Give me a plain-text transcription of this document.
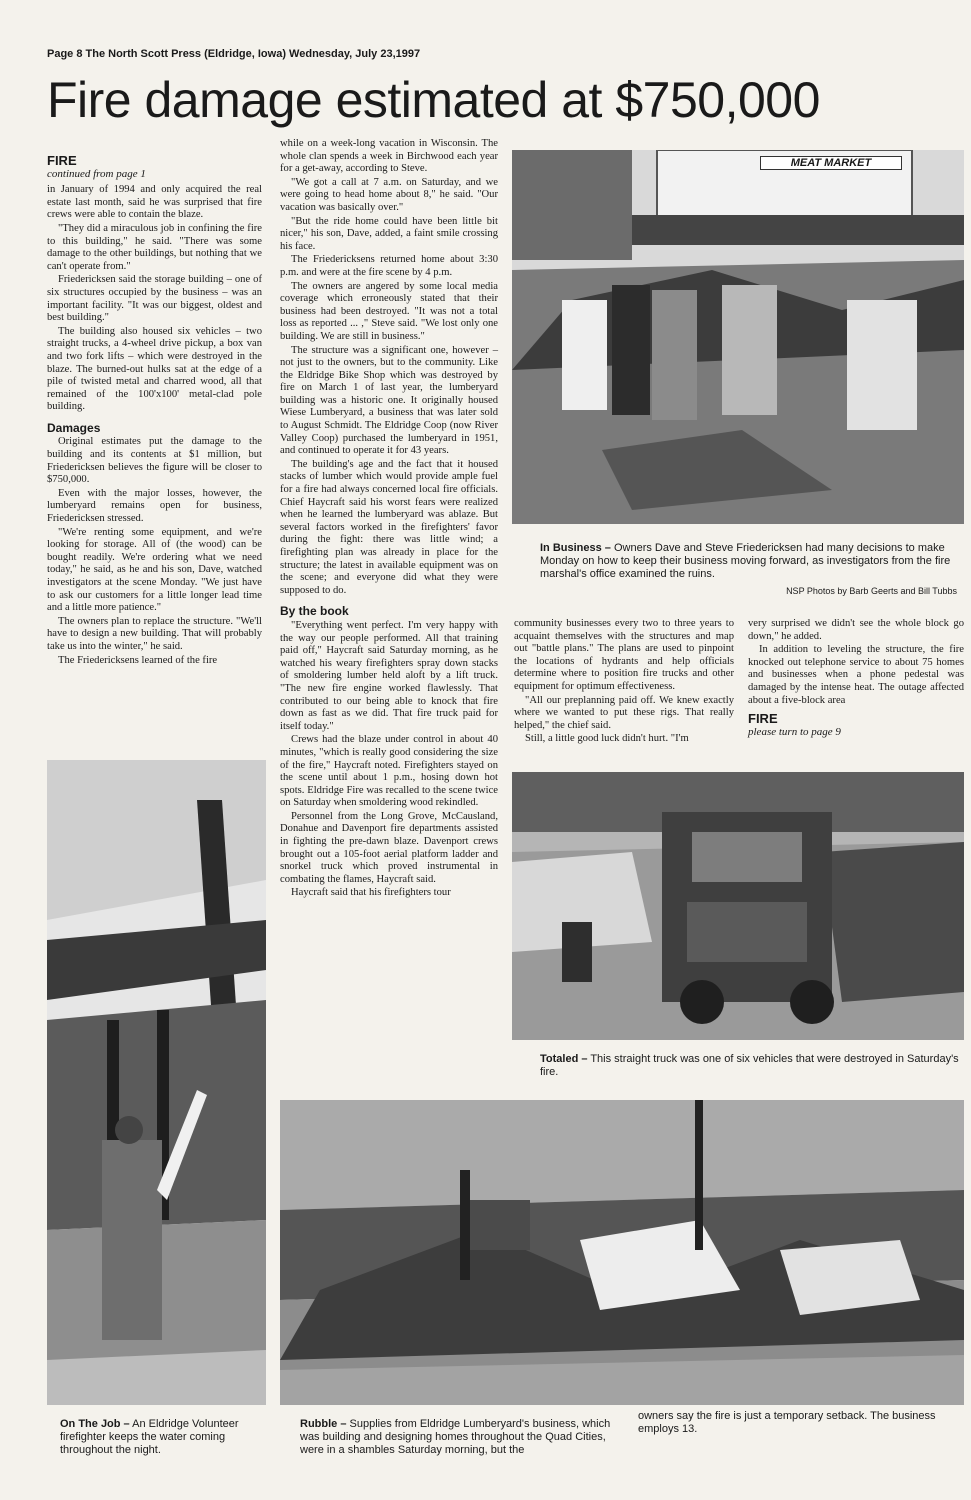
Page 8 The North Scott Press (Eldridge, Iowa) Wednesday, July 23,1997
Fire damage estimated at $750,000
FIRE
continued from page 1

in January of 1994 and only acquired the real estate last month, said he was surprised that fire crews were able to contain the blaze.

"They did a miraculous job in confining the fire to this building," he said. "There was some damage to the other buildings, but nothing that we can't operate from."

Friedericksen said the storage building – one of six structures occupied by the business – was an important facility. "It was our biggest, oldest and best building."

The building also housed six vehicles – two straight trucks, a 4-wheel drive pickup, a box van and two fork lifts – which were destroyed in the blaze. The burned-out hulks sat at the edge of a pile of twisted metal and charred wood, all that remained of the 100'x100' metal-clad pole building.

Damages

Original estimates put the damage to the building and its contents at $1 million, but Friedericksen believes the figure will be closer to $750,000.

Even with the major losses, however, the lumberyard remains open for business, Friedericksen stressed.

"We're renting some equipment, and we're looking for storage. All of (the wood) can be bought readily. We're ordering what we need today," he said, as he and his son, Dave, watched investigators at the scene Monday. "We just have to ask our customers for a little longer lead time and a little more patience."

The owners plan to replace the structure. "We'll have to design a new building. That will probably take us into the winter," he said.

The Friedericksens learned of the fire

while on a week-long vacation in Wisconsin. The whole clan spends a week in Birchwood each year for a get-away, according to Steve.

"We got a call at 7 a.m. on Saturday, and we were going to head home about 8," he said. "Our vacation was basically over."

"But the ride home could have been little bit nicer," his son, Dave, added, a faint smile crossing his face.

The Friedericksens returned home about 3:30 p.m. and were at the fire scene by 4 p.m.

The owners are angered by some local media coverage which erroneously stated that their business had been destroyed. "It was not a total loss as reported ... ," Steve said. "We lost only one building. We are still in business."

The structure was a significant one, however – not just to the owners, but to the community. Like the Eldridge Bike Shop which was destroyed by fire on March 1 of last year, the lumberyard building was a historic one. It originally housed Wiese Lumberyard, a business that was later sold to August Schmidt. The Eldridge Coop (now River Valley Coop) purchased the lumberyard in 1951, and continued to operate it for 43 years.

The building's age and the fact that it housed stacks of lumber which would provide ample fuel for a fire had always concerned local fire officials. Chief Haycraft said his worst fears were realized when he learned the lumberyard was ablaze. But several factors worked in the firefighters' favor during the fight: there was little wind; a firefighting plan was already in place for the structure; the latest in available equipment was on the scene; and everyone did what they were supposed to do.

By the book

"Everything went perfect. I'm very happy with the way our people performed. All that training paid off," Haycraft said Saturday morning, as he watched his weary firefighters spray down stacks of smoldering lumber held aloft by a lift truck. "The new fire engine worked flawlessly. That contributed to our being able to knock that fire down as fast as we did. That fire truck paid for itself today."

Crews had the blaze under control in about 40 minutes, "which is really good considering the size of the fire," Haycraft noted. Firefighters stayed on the scene until about 1 p.m., hosing down hot spots. Eldridge Fire was recalled to the scene twice on Saturday when smoldering wood rekindled.

Personnel from the Long Grove, McCausland, Donahue and Davenport fire departments assisted in fighting the pre-dawn blaze. Davenport crews brought out a 105-foot aerial platform ladder and snorkel truck which proved instrumental in combating the flames, Haycraft said.

Haycraft said that his firefighters tour

community businesses every two to three years to acquaint themselves with the structures and map out "battle plans." The plans are used to pinpoint the locations of hydrants and help officials determine where to position fire trucks and other equipment for optimum effectiveness.

"All our preplanning paid off. We knew exactly where we wanted to put these rigs. That really helped," the chief said.

Still, a little good luck didn't hurt. "I'm

very surprised we didn't see the whole block go down," he added.

In addition to leveling the structure, the fire knocked out telephone service to about 75 homes and businesses when a phone pedestal was damaged by the intense heat. The outage affected about a five-block area

FIRE
please turn to page 9
MEAT MARKET
In Business – Owners Dave and Steve Friedericksen had many decisions to make Monday on how to keep their business moving forward, as investigators from the fire marshal's office examined the ruins.
NSP Photos by Barb Geerts and Bill Tubbs
Totaled – This straight truck was one of six vehicles that were destroyed in Saturday's fire.
On The Job – An Eldridge Volunteer firefighter keeps the water coming throughout the night.
Rubble – Supplies from Eldridge Lumberyard's business, which was building and designing homes throughout the Quad Cities, were in a shambles Saturday morning, but the
owners say the fire is just a temporary setback. The business employs 13.
